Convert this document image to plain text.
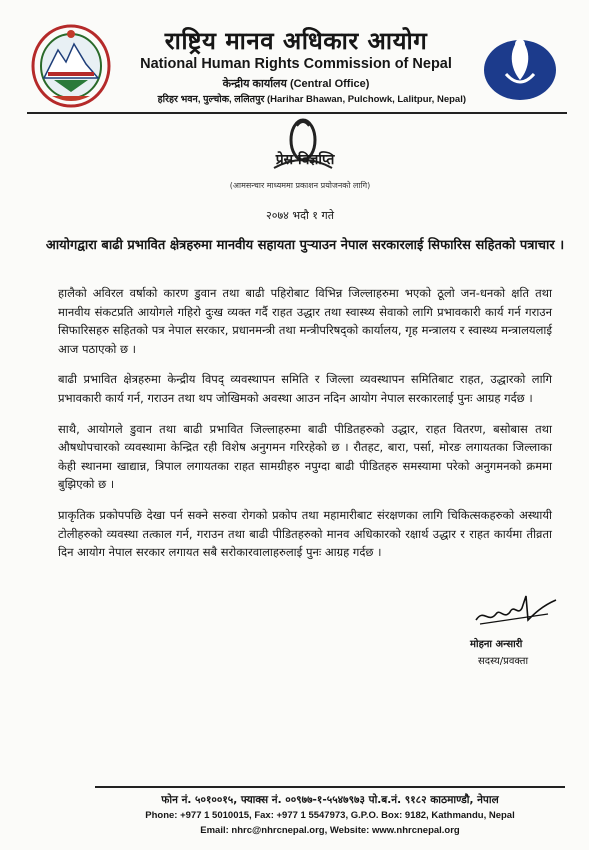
राष्ट्रिय मानव अधिकार आयोग
National Human Rights Commission of Nepal
केन्द्रीय कार्यालय (Central Office)
हरिहर भवन, पुल्चोक, ललितपुर (Harihar Bhawan, Pulchowk, Lalitpur, Nepal)
प्रेस विज्ञप्ति
(आमसन्चार माध्यममा प्रकाशन प्रयोजनको लागि)
२०७४ भदौ १ गते
आयोगद्वारा बाढी प्रभावित क्षेत्रहरुमा मानवीय सहायता पुर्‍याउन नेपाल सरकारलाई सिफारिस सहितको पत्राचार ।

हालैको अविरल वर्षाको कारण डुवान तथा बाढी पहिरोबाट विभिन्न जिल्लाहरुमा भएको ठूलो जन-धनको क्षति तथा मानवीय संकटप्रति आयोगले गहिरो दुःख व्यक्त गर्दै राहत उद्धार तथा स्वास्थ्य सेवाको लागि प्रभावकारी कार्य गर्न गराउन सिफारिसहरु सहितको पत्र नेपाल सरकार, प्रधानमन्त्री तथा मन्त्रीपरिषद्को कार्यालय, गृह मन्त्रालय र स्वास्थ्य मन्त्रालयलाई आज पठाएको छ ।

बाढी प्रभावित क्षेत्रहरुमा केन्द्रीय विपद् व्यवस्थापन समिति र जिल्ला व्यवस्थापन समितिबाट राहत, उद्धारको लागि प्रभावकारी कार्य गर्न, गराउन तथा थप जोखिमको अवस्था आउन नदिन आयोग नेपाल सरकारलाई पुनः आग्रह गर्दछ ।

साथै, आयोगले डुवान तथा बाढी प्रभावित जिल्लाहरुमा बाढी पीडितहरुको उद्धार, राहत वितरण, बसोबास तथा औषधोपचारको व्यवस्थामा केन्द्रित रही विशेष अनुगमन गरिरहेको छ । रौतहट, बारा, पर्सा, मोरङ लगायतका जिल्लाका केही स्थानमा खाद्यान्न, त्रिपाल लगायतका राहत सामग्रीहरु नपुग्दा बाढी पीडितहरु समस्यामा परेको अनुगमनको क्रममा बुझिएको छ ।

प्राकृतिक प्रकोपपछि देखा पर्न सक्ने सरुवा रोगको प्रकोप तथा महामारीबाट संरक्षणका लागि चिकित्सकहरुको अस्थायी टोलीहरुको व्यवस्था तत्काल गर्न, गराउन तथा बाढी पीडितहरुको मानव अधिकारको रक्षार्थ उद्धार र राहत कार्यमा तीव्रता दिन आयोग नेपाल सरकार लगायत सबै सरोकारवालाहरुलाई पुनः आग्रह गर्दछ ।

मोहना अन्सारी
सदस्य/प्रवक्ता
फोन नं. ५०१००१५, फ्याक्स नं. ००९७७-१-५५४७९७३ पो.ब.नं. ९१८२ काठमाण्डौ, नेपाल
Phone: +977 1 5010015, Fax: +977 1 5547973, G.P.O. Box: 9182, Kathmandu, Nepal
Email: nhrc@nhrcnepal.org, Website: www.nhrcnepal.org
